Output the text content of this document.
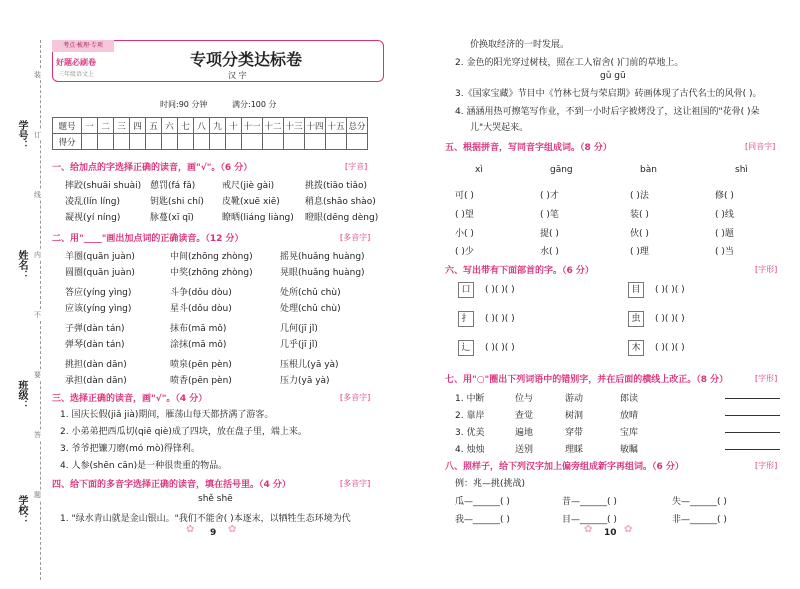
学号：
姓名：
班级：
学校：
装
订
线
内
不
要
答
题
考点·梳理·专项
好题必刷卷
三年级语文上
专项分类达标卷
汉 字
时间:90 分钟	满分:100 分
题号	一	二	三	四	五	六	七	八	九	十	十一	十二	十三	十四	十五	总分
得分																
一、给加点的字选择正确的读音，画"√"。（6 分）	[字音]
摔跤(shuāi shuài) 憩罚(fá fǎ)	戒尺(jiè gài)	挑拨(tiāo tiǎo)
凌乱(lín líng)	钥匙(shi chí) 皮靴(xuē xiē)	稍息(shāo shào)
凝视(yí níng)	脉蔓(xī qī)	瞭晒(liáng liàng) 瞪眼(dēng dèng)
二、用"____"画出加点词的正确读音。（12 分）	[多音字]
羊圈(quān juàn)	中间(zhōng zhòng)	摇晃(huǎng huàng)
圆圈(quān juàn)	中奖(zhōng zhòng)	晃眼(huǎng huàng)
答应(yíng yìng)	斗争(dǒu dòu)	处所(chǔ chù)
应该(yíng yìng)	星斗(dǒu dòu)	处理(chǔ chù)
子弹(dàn tán)	抹布(mā mǒ)	几何(jī jǐ)
弹琴(dàn tán)	涂抹(mā mǒ)	几乎(jī jǐ)
挑担(dàn dān)	喷泉(pēn pèn)	压根儿(yā yà)
承担(dàn dān)	喷香(pēn pèn)	压力(yā yà)
三、选择正确的读音，画"√"。（4 分）	[多音字]
1. 国庆长假(jiǎ jià)期间，雁荡山每天都挤满了游客。
2. 小弟弟把西瓜切(qiē qiè)成了四块，放在盘子里，端上来。
3. 爷爷把镰刀磨(mó mò)得锋利。
4. 人参(shēn cān)是一种很贵重的物品。
四、给下面的多音字选择正确的读音，填在括号里。（4 分）	[多音字]
shě shē
1. "绿水青山就是金山银山。"我们不能舍( )本逐末，以牺牲生态环境为代
9
✿	✿
价换取经济的一时发展。
2. 金色的阳光穿过树枝，照在工人宿舍( )门前的草地上。
gǔ gū
3.《国家宝藏》节目中《竹林七贤与荣启期》砖画体现了古代名士的风骨( )。
4. 涵涵用热可擦笔写作业，不到一小时后字被烤没了，这让祖国的"花骨( )朵
儿"大哭起来。
五、根据拼音，写同音字组成词。（8 分）	[同音字]
xì	gāng	bàn	shì
可( )	( )才	( )法	修( )
( )望	( )笔	装( )	( )线
小( )	提( )	伙( )	( )题
( )少	水( )	( )理	( )当
六、写出带有下面部首的字。（6 分）	[字形]
口	( )( )( )	目	( )( )( )
扌	( )( )( )	虫	( )( )( )
辶	( )( )( )	木	( )( )( )
七、用"○"圈出下列词语中的错别字，并在后面的横线上改正。（8 分）	[字形]
1. 中断	位与	游动	郎读
2. 靠岸	查觉	树洞	放晴
3. 优美	遍地	穿带	宝库
4. 烛烛	送别	理睬	敏瞩
八、照样子，给下列汉字加上偏旁组成新字再组词。（6 分）	[字形]
例：兆—挑(挑战)
瓜—______( )	昔—______( )	失—______( )
我—______( )	目—______( )	非—______( )
10
✿	✿
